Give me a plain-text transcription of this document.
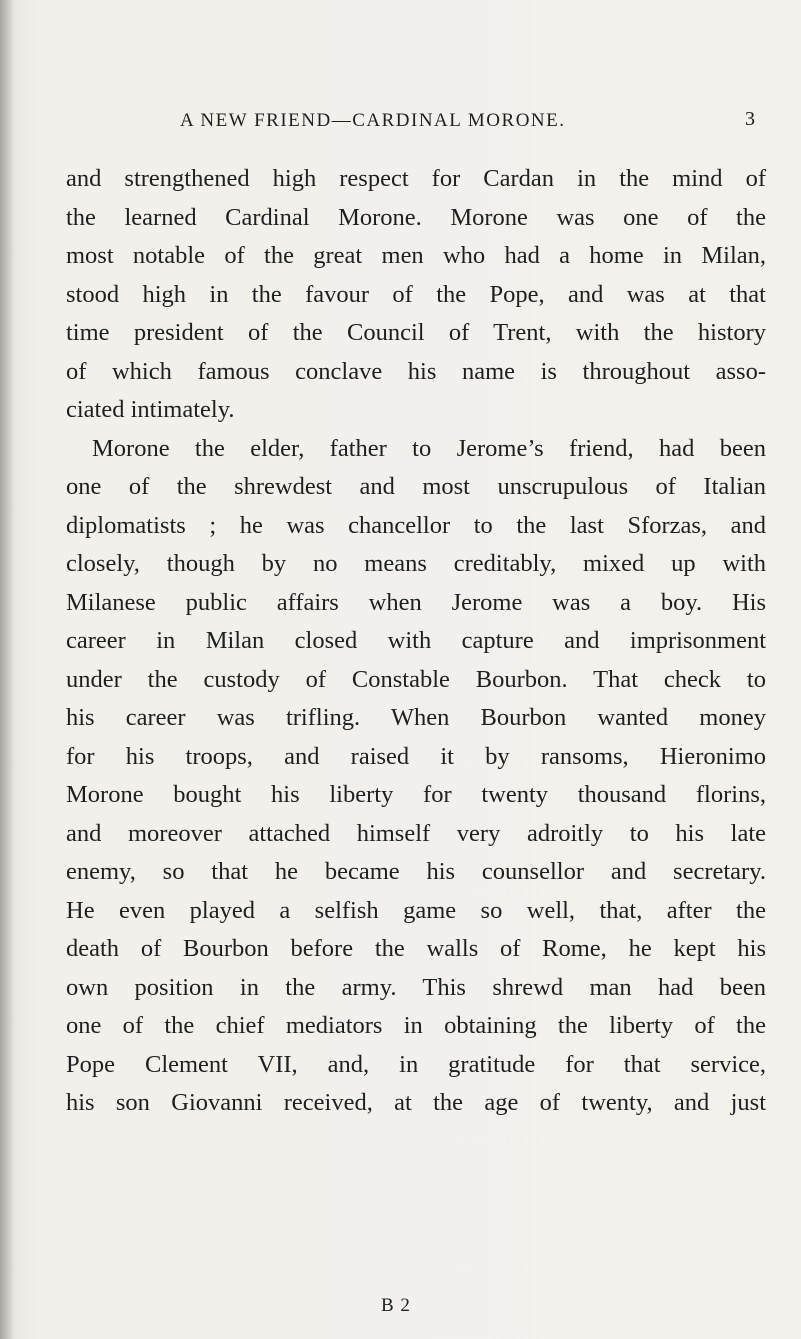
A NEW FRIEND—CARDINAL MORONE.	3
and strengthened high respect for Cardan in the mind of
the learned Cardinal Morone. Morone was one of the
most notable of the great men who had a home in Milan,
stood high in the favour of the Pope, and was at that
time president of the Council of Trent, with the history
of which famous conclave his name is throughout asso-
ciated intimately.
Morone the elder, father to Jerome’s friend, had been
one of the shrewdest and most unscrupulous of Italian
diplomatists ; he was chancellor to the last Sforzas, and
closely, though by no means creditably, mixed up with
Milanese public affairs when Jerome was a boy. His
career in Milan closed with capture and imprisonment
under the custody of Constable Bourbon. That check to
his career was trifling. When Bourbon wanted money
for his troops, and raised it by ransoms, Hieronimo
Morone bought his liberty for twenty thousand florins,
and moreover attached himself very adroitly to his late
enemy, so that he became his counsellor and secretary.
He even played a selfish game so well, that, after the
death of Bourbon before the walls of Rome, he kept his
own position in the army. This shrewd man had been
one of the chief mediators in obtaining the liberty of the
Pope Clement VII, and, in gratitude for that service,
his son Giovanni received, at the age of twenty, and just
B 2
